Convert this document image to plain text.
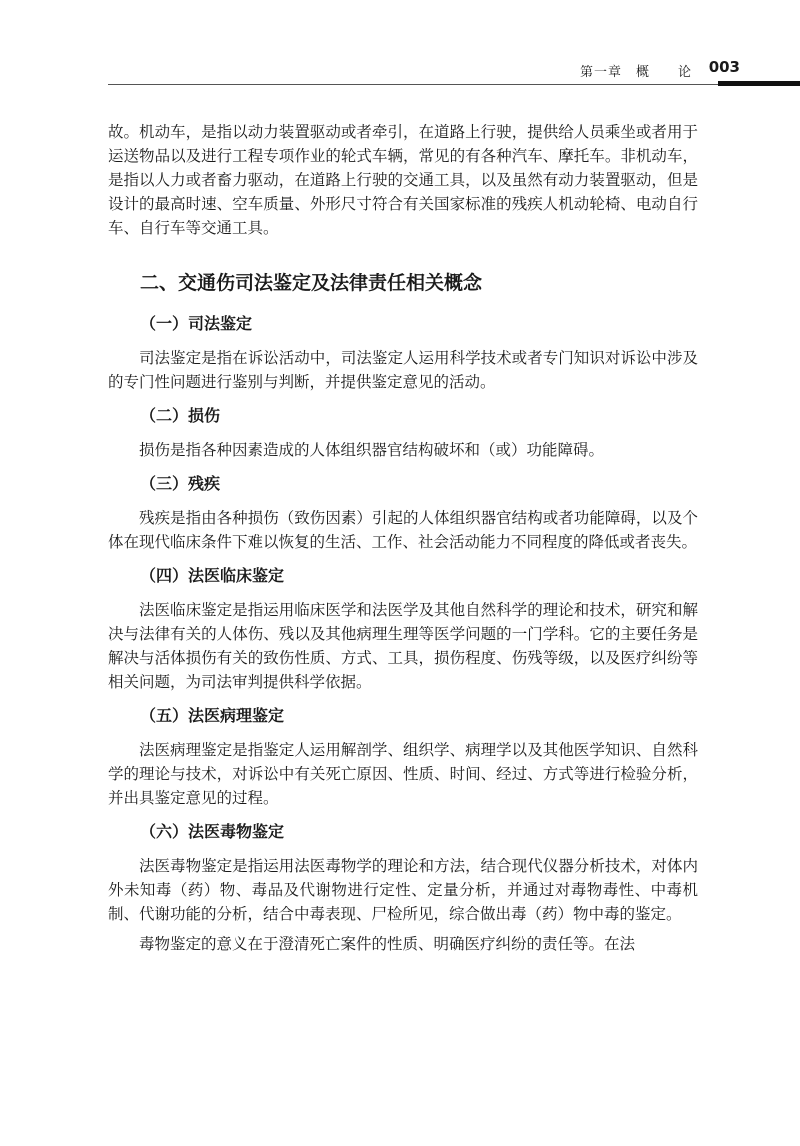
第一章　概　　论 003

故。机动车，是指以动力装置驱动或者牵引，在道路上行驶，提供给人员乘坐或者用于运送物品以及进行工程专项作业的轮式车辆，常见的有各种汽车、摩托车。非机动车，是指以人力或者畜力驱动，在道路上行驶的交通工具，以及虽然有动力装置驱动，但是设计的最高时速、空车质量、外形尺寸符合有关国家标准的残疾人机动轮椅、电动自行车、自行车等交通工具。

二、交通伤司法鉴定及法律责任相关概念
（一）司法鉴定

司法鉴定是指在诉讼活动中，司法鉴定人运用科学技术或者专门知识对诉讼中涉及的专门性问题进行鉴别与判断，并提供鉴定意见的活动。

（二）损伤

损伤是指各种因素造成的人体组织器官结构破坏和（或）功能障碍。

（三）残疾

残疾是指由各种损伤（致伤因素）引起的人体组织器官结构或者功能障碍，以及个体在现代临床条件下难以恢复的生活、工作、社会活动能力不同程度的降低或者丧失。

（四）法医临床鉴定

法医临床鉴定是指运用临床医学和法医学及其他自然科学的理论和技术，研究和解决与法律有关的人体伤、残以及其他病理生理等医学问题的一门学科。它的主要任务是解决与活体损伤有关的致伤性质、方式、工具，损伤程度、伤残等级，以及医疗纠纷等相关问题，为司法审判提供科学依据。

（五）法医病理鉴定

法医病理鉴定是指鉴定人运用解剖学、组织学、病理学以及其他医学知识、自然科学的理论与技术，对诉讼中有关死亡原因、性质、时间、经过、方式等进行检验分析，并出具鉴定意见的过程。

（六）法医毒物鉴定

法医毒物鉴定是指运用法医毒物学的理论和方法，结合现代仪器分析技术，对体内外未知毒（药）物、毒品及代谢物进行定性、定量分析，并通过对毒物毒性、中毒机制、代谢功能的分析，结合中毒表现、尸检所见，综合做出毒（药）物中毒的鉴定。

毒物鉴定的意义在于澄清死亡案件的性质、明确医疗纠纷的责任等。在法
